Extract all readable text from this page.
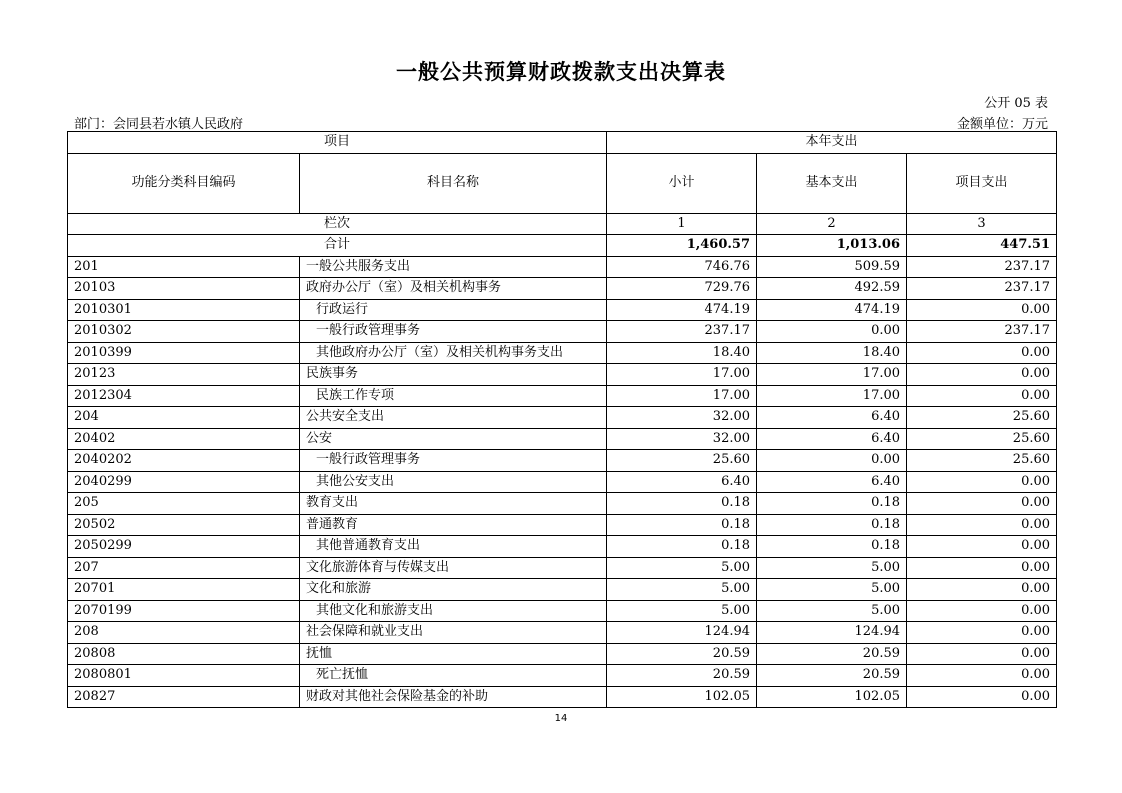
一般公共预算财政拨款支出决算表
公开 05 表
部门：会同县若水镇人民政府	金额单位：万元
项目		本年支出		
功能分类科目编码	科目名称	小计	基本支出	项目支出
栏次		1	2	3
合计		1,460.57	1,013.06	447.51
201	一般公共服务支出	746.76	509.59	237.17
20103	政府办公厅（室）及相关机构事务	729.76	492.59	237.17
2010301	行政运行	474.19	474.19	0.00
2010302	一般行政管理事务	237.17	0.00	237.17
2010399	其他政府办公厅（室）及相关机构事务支出	18.40	18.40	0.00
20123	民族事务	17.00	17.00	0.00
2012304	民族工作专项	17.00	17.00	0.00
204	公共安全支出	32.00	6.40	25.60
20402	公安	32.00	6.40	25.60
2040202	一般行政管理事务	25.60	0.00	25.60
2040299	其他公安支出	6.40	6.40	0.00
205	教育支出	0.18	0.18	0.00
20502	普通教育	0.18	0.18	0.00
2050299	其他普通教育支出	0.18	0.18	0.00
207	文化旅游体育与传媒支出	5.00	5.00	0.00
20701	文化和旅游	5.00	5.00	0.00
2070199	其他文化和旅游支出	5.00	5.00	0.00
208	社会保障和就业支出	124.94	124.94	0.00
20808	抚恤	20.59	20.59	0.00
2080801	死亡抚恤	20.59	20.59	0.00
20827	财政对其他社会保险基金的补助	102.05	102.05	0.00
14
